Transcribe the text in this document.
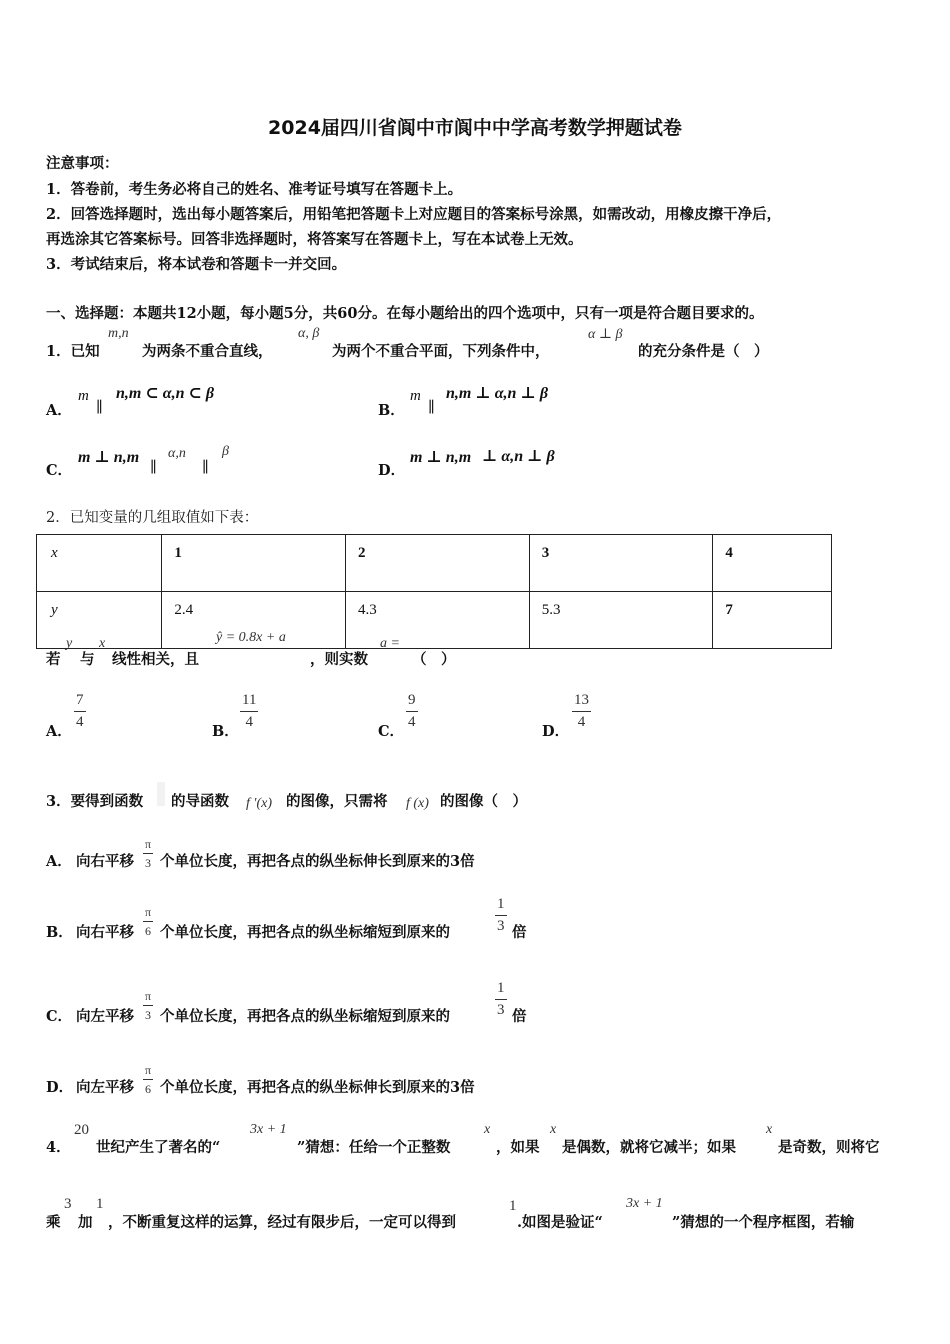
2024届四川省阆中市阆中中学高考数学押题试卷
注意事项：
1．答卷前，考生务必将自己的姓名、准考证号填写在答题卡上。
2．回答选择题时，选出每小题答案后，用铅笔把答题卡上对应题目的答案标号涂黑，如需改动，用橡皮擦干净后，
再选涂其它答案标号。回答非选择题时，将答案写在答题卡上，写在本试卷上无效。
3．考试结束后，将本试卷和答题卡一并交回。
一、选择题：本题共12小题，每小题5分，共60分。在每小题给出的四个选项中，只有一项是符合题目要求的。
1．已知
m,n
为两条不重合直线，
α, β
为两个不重合平面，下列条件中，
α ⊥ β
的充分条件是（　）
A．
m
∥
n,m ⊂ α,n ⊂ β
B．
m
∥
n,m ⊥ α,n ⊥ β
C．
m ⊥ n,m
∥
α,n
∥
β
D．
m ⊥ n,m ⊥ α,n ⊥ β
2．已知变量的几组取值如下表：
x	1	2	3	4
y	2.4	4.3	5.3	7
若
y
与
x
线性相关，且
ŷ = 0.8x + a
，则实数
a =
（　）
A．
$\frac{7}{4}$
B．
$\frac{11}{4}$
C．
$\frac{9}{4}$
D．
$\frac{13}{4}$
3．要得到函数 的导函数 f ′(x) 的图像，只需将 f (x) 的图像（　）
A． 向右平移 $\frac{\pi}{3}$ 个单位长度，再把各点的纵坐标伸长到原来的3倍
B． 向右平移 $\frac{\pi}{6}$ 个单位长度，再把各点的纵坐标缩短到原来的	$\frac{1}{3}$ 倍
C． 向左平移 $\frac{\pi}{3}$ 个单位长度，再把各点的纵坐标缩短到原来的	$\frac{1}{3}$ 倍
D． 向左平移 $\frac{\pi}{6}$ 个单位长度，再把各点的纵坐标伸长到原来的3倍
4．
20
世纪产生了著名的“
3x + 1
”猜想：任给一个正整数
x
，如果
x
是偶数，就将它减半；如果
x
是奇数，则将它
乘
3
加
1
，不断重复这样的运算，经过有限步后，一定可以得到
1
.如图是验证“
3x + 1
”猜想的一个程序框图，若输
